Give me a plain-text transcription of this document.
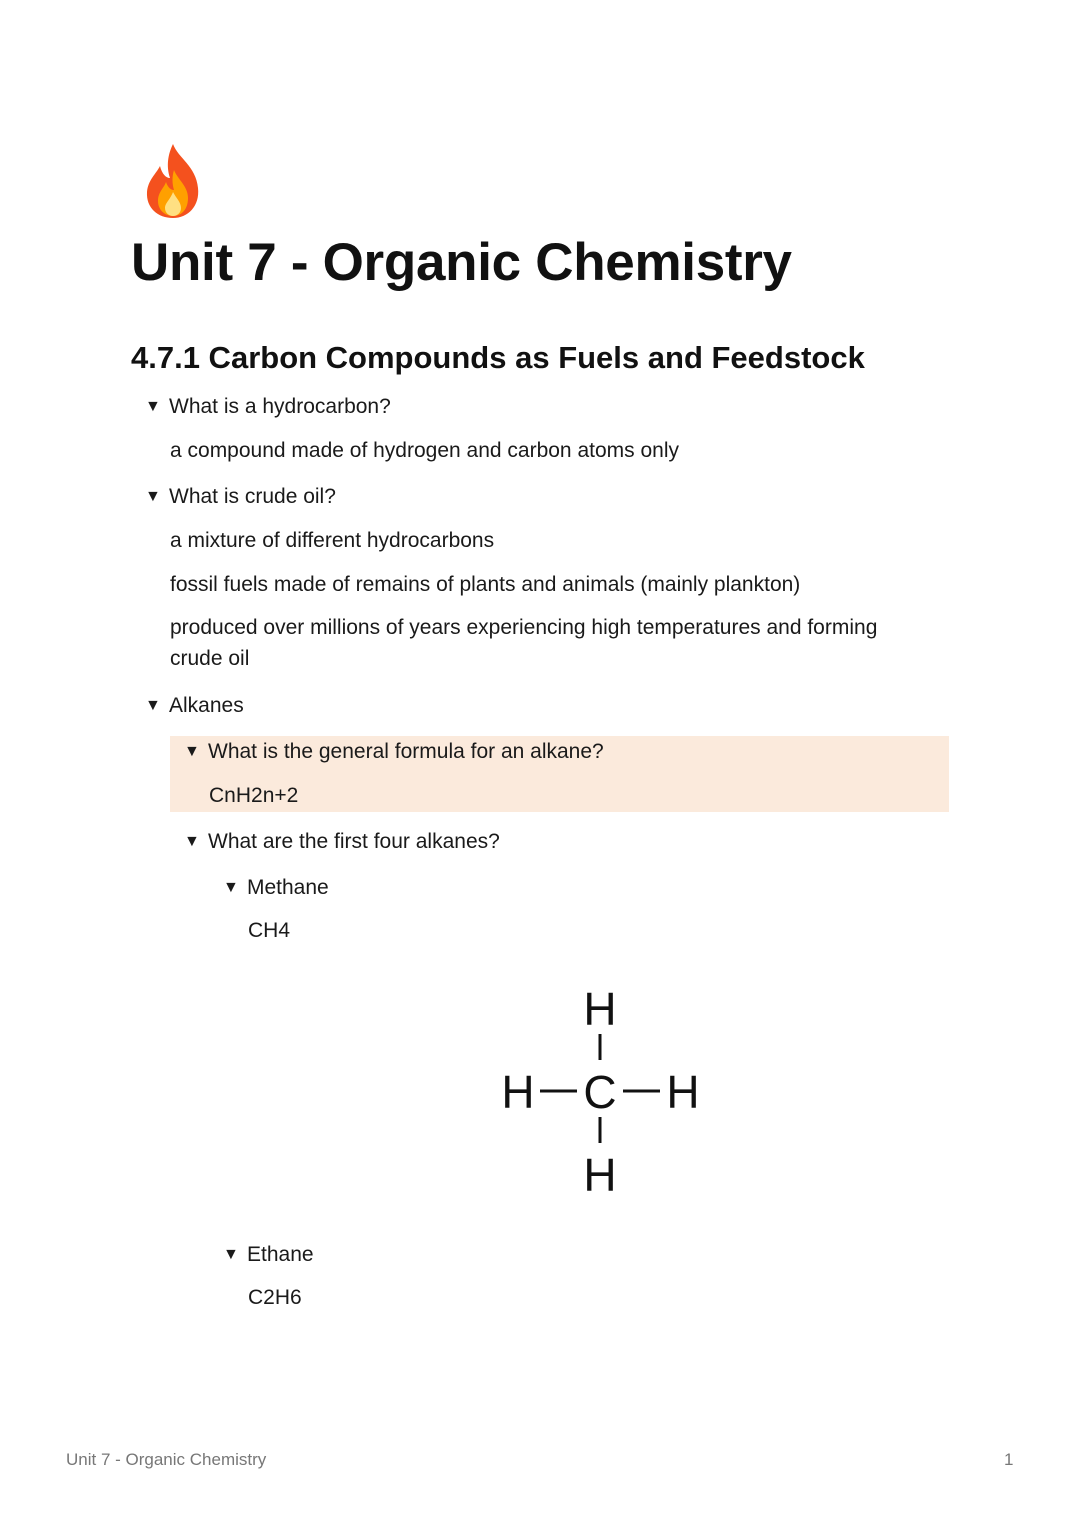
Unit 7 - Organic Chemistry
4.7.1 Carbon Compounds as Fuels and Feedstock
▼ What is a hydrocarbon?
a compound made of hydrogen and carbon atoms only
▼ What is crude oil?
a mixture of different hydrocarbons
fossil fuels made of remains of plants and animals (mainly plankton)
produced over millions of years experiencing high temperatures and forming crude oil
▼ Alkanes
▼ What is the general formula for an alkane?
CnH2n+2
▼ What are the first four alkanes?
▼ Methane
CH4
H
C
H	H
H
▼ Ethane
C2H6
Unit 7 - Organic Chemistry	1
